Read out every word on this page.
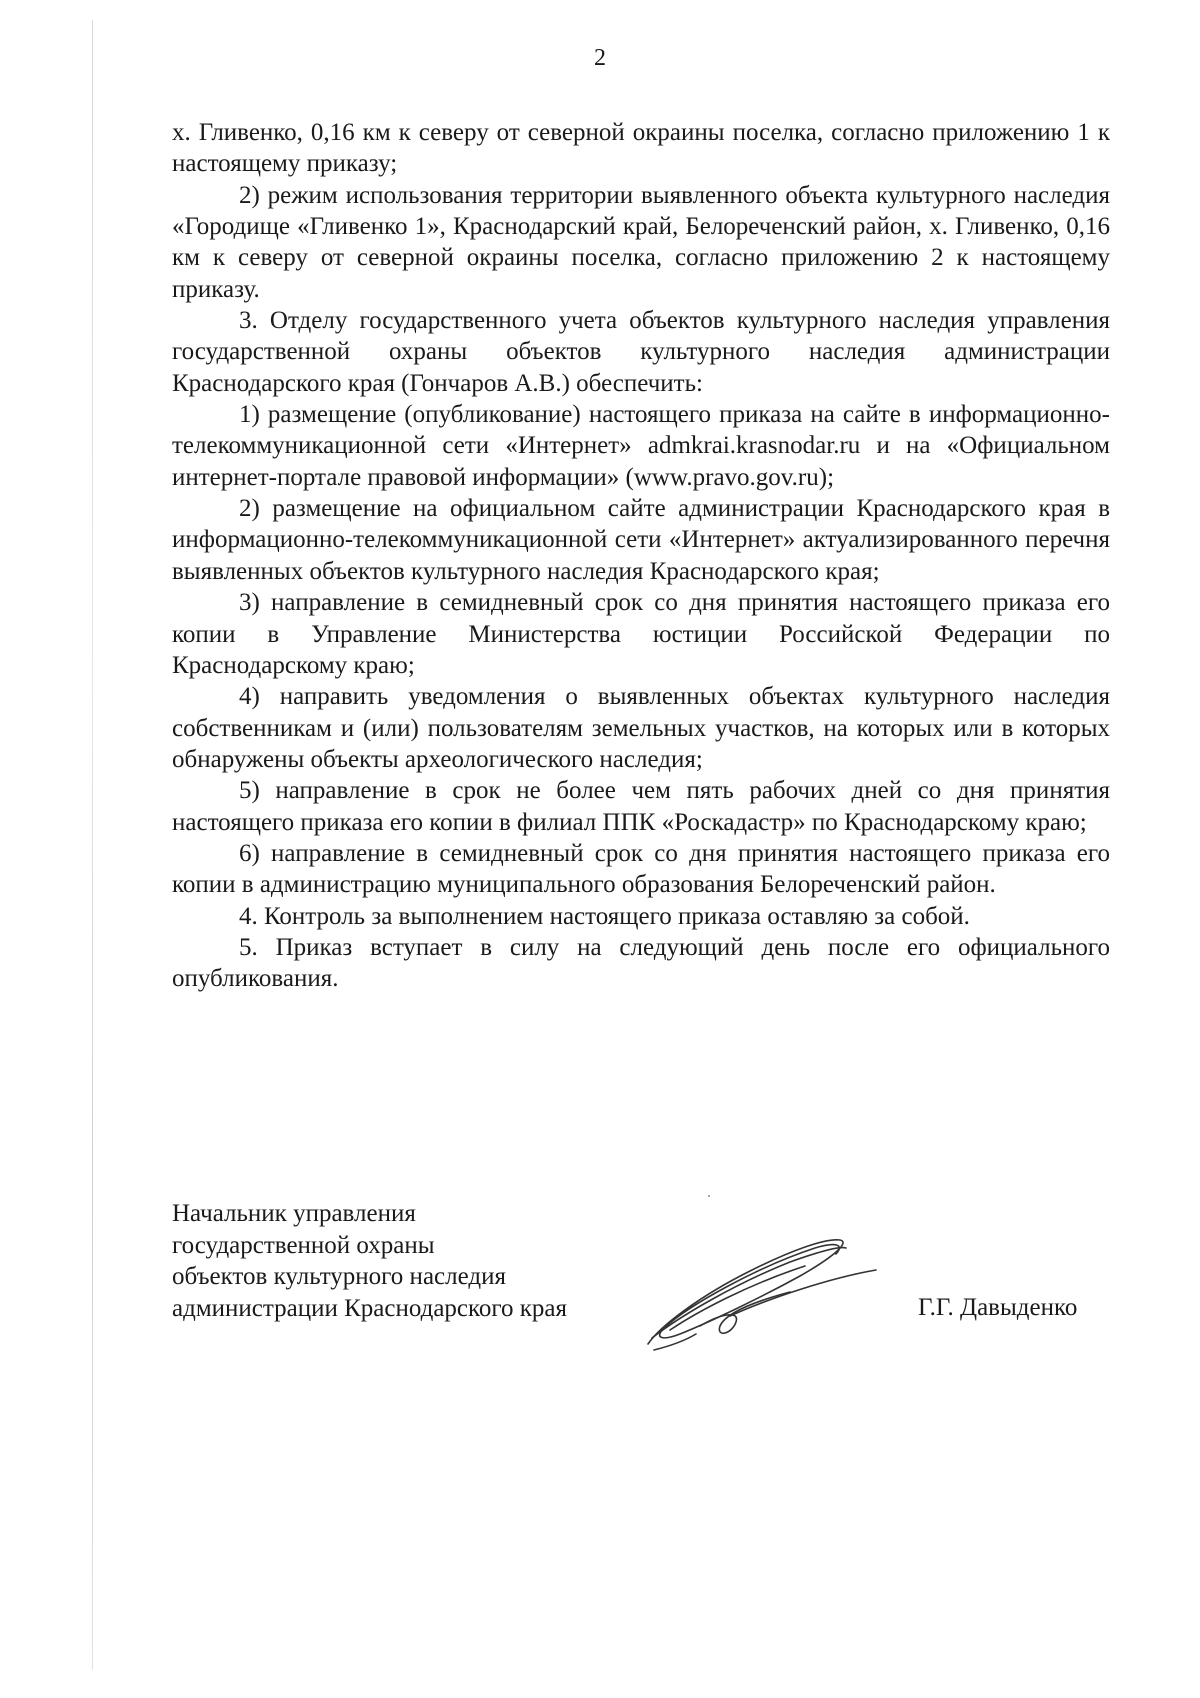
2

х. Гливенко, 0,16 км к северу от северной окраины поселка, согласно приложению 1 к настоящему приказу;

2) режим использования территории выявленного объекта культурного наследия «Городище «Гливенко 1», Краснодарский край, Белореченский район, х. Гливенко, 0,16 км к северу от северной окраины поселка, согласно приложению 2 к настоящему приказу.

3. Отделу государственного учета объектов культурного наследия управления государственной охраны объектов культурного наследия администрации Краснодарского края (Гончаров А.В.) обеспечить:

1) размещение (опубликование) настоящего приказа на сайте в информационно-телекоммуникационной сети «Интернет» admkrai.krasnodar.ru и на «Официальном интернет-портале правовой информации» (www.pravo.gov.ru);

2) размещение на официальном сайте администрации Краснодарского края в информационно-телекоммуникационной сети «Интернет» актуализированного перечня выявленных объектов культурного наследия Краснодарского края;

3) направление в семидневный срок со дня принятия настоящего приказа его копии в Управление Министерства юстиции Российской Федерации по Краснодарскому краю;

4) направить уведомления о выявленных объектах культурного наследия собственникам и (или) пользователям земельных участков, на которых или в которых обнаружены объекты археологического наследия;

5) направление в срок не более чем пять рабочих дней со дня принятия настоящего приказа его копии в филиал ППК «Роскадастр» по Краснодарскому краю;

6) направление в семидневный срок со дня принятия настоящего приказа его копии в администрацию муниципального образования Белореченский район.

4. Контроль за выполнением настоящего приказа оставляю за собой.

5. Приказ вступает в силу на следующий день после его официального опубликования.

Начальник управления
государственной охраны
объектов культурного наследия
администрации Краснодарского края	Г.Г. Давыденко
